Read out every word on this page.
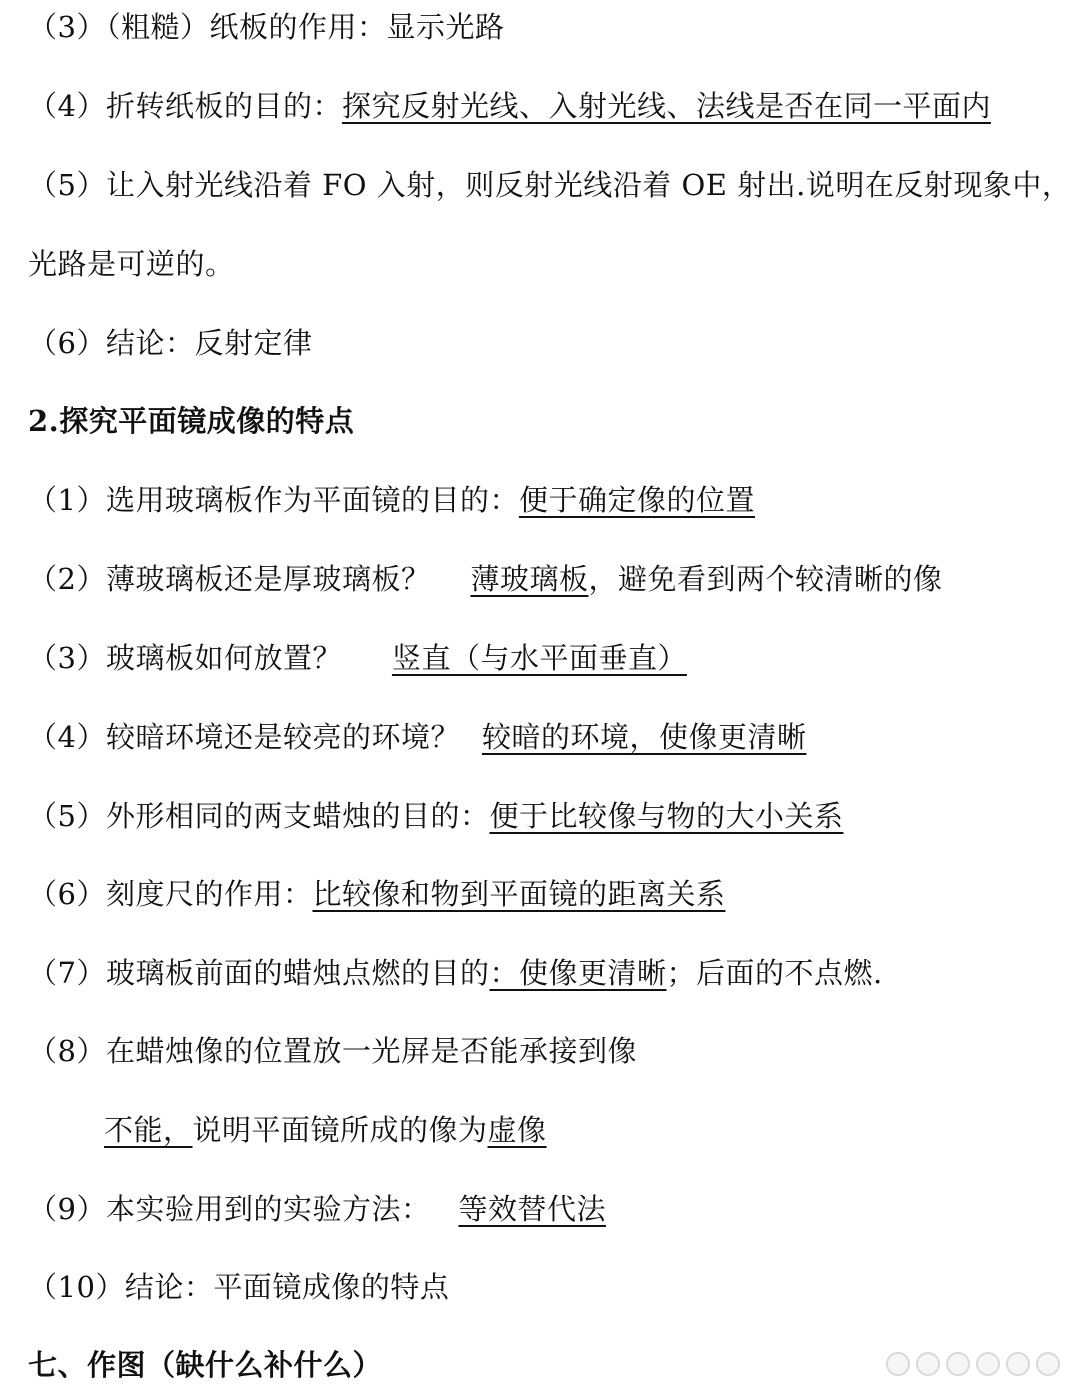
（3）（粗糙）纸板的作用：显示光路
（4）折转纸板的目的：探究反射光线、入射光线、法线是否在同一平面内
（5）让入射光线沿着 FO 入射，则反射光线沿着 OE 射出.说明在反射现象中，
光路是可逆的。
（6）结论：反射定律
2.探究平面镜成像的特点
（1）选用玻璃板作为平面镜的目的：便于确定像的位置
（2）薄玻璃板还是厚玻璃板？ 薄玻璃板，避免看到两个较清晰的像
（3）玻璃板如何放置？ 竖直（与水平面垂直）
（4）较暗环境还是较亮的环境？ 较暗的环境，使像更清晰
（5）外形相同的两支蜡烛的目的：便于比较像与物的大小关系
（6）刻度尺的作用：比较像和物到平面镜的距离关系
（7）玻璃板前面的蜡烛点燃的目的：使像更清晰；后面的不点燃.
（8）在蜡烛像的位置放一光屏是否能承接到像
不能，说明平面镜所成的像为虚像
（9）本实验用到的实验方法： 等效替代法
（10）结论：平面镜成像的特点
七、作图（缺什么补什么）
